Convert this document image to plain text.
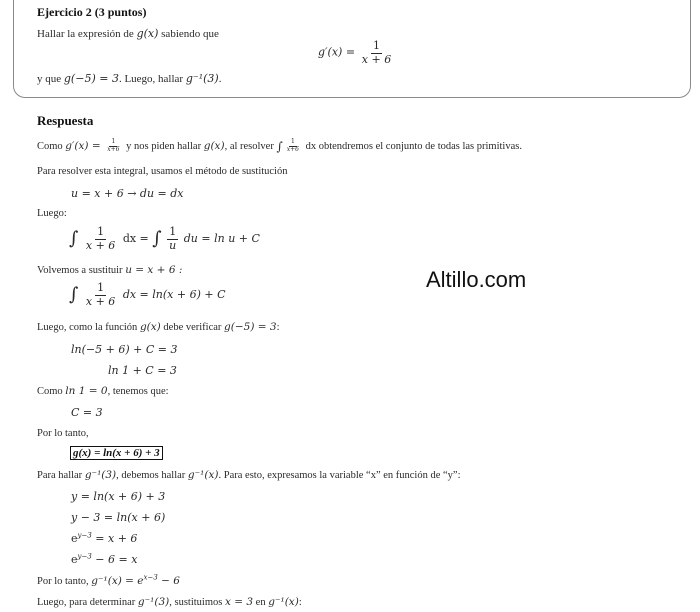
Ejercicio 2 (3 puntos)
Hallar la expresión de g(x) sabiendo que
$g'(x) = \frac{1}{x + 6}$
y que g(−5) = 3. Luego, hallar g⁻¹(3).
Respuesta
Como $g'(x) = \frac{1}{x+6}$ y nos piden hallar g(x), al resolver ∫ $\frac{1}{x+6}$ dx obtendremos el conjunto de todas las primitivas.
Para resolver esta integral, usamos el método de sustitución
u = x + 6 → du = dx
Luego:
∫ $\frac{1}{x + 6}$ dx = ∫ $\frac{1}{u}$ du = ln u + C
Volvemos a sustituir u = x + 6 :
∫ $\frac{1}{x + 6}$ dx = ln(x + 6) + C
Luego, como la función g(x) debe verificar g(−5) = 3:
ln(−5 + 6) + C = 3
ln 1 + C = 3
Como ln 1 = 0, tenemos que:
C = 3
Por lo tanto,
g(x) = ln(x + 6) + 3
Para hallar g⁻¹(3), debemos hallar g⁻¹(x). Para esto, expresamos la variable “x” en función de “y”:
y = ln(x + 6) + 3
y − 3 = ln(x + 6)
$e^{y-3} = x + 6$
$e^{y-3} - 6 = x$
Por lo tanto, $g^{-1}(x) = e^{x-3} - 6$
Luego, para determinar g⁻¹(3), sustituimos x = 3 en g⁻¹(x):
Altillo.com
